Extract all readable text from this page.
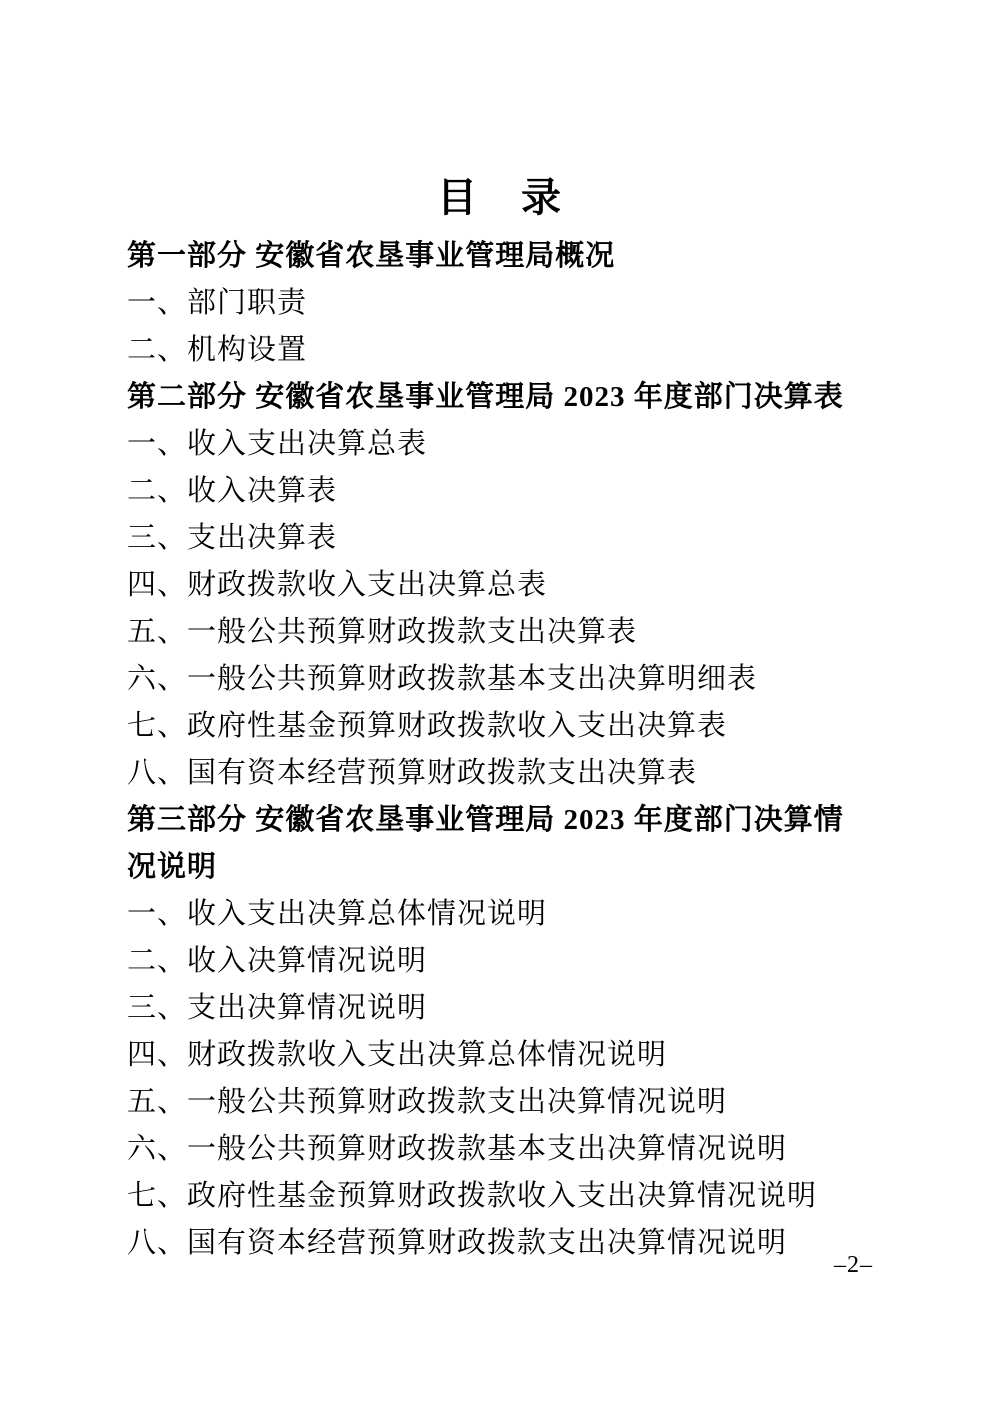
目　录

第一部分 安徽省农垦事业管理局概况

一、部门职责

二、机构设置

第二部分 安徽省农垦事业管理局 2023 年度部门决算表

一、收入支出决算总表

二、收入决算表

三、支出决算表

四、财政拨款收入支出决算总表

五、一般公共预算财政拨款支出决算表

六、一般公共预算财政拨款基本支出决算明细表

七、政府性基金预算财政拨款收入支出决算表

八、国有资本经营预算财政拨款支出决算表

第三部分 安徽省农垦事业管理局 2023 年度部门决算情

况说明

一、收入支出决算总体情况说明

二、收入决算情况说明

三、支出决算情况说明

四、财政拨款收入支出决算总体情况说明

五、一般公共预算财政拨款支出决算情况说明

六、一般公共预算财政拨款基本支出决算情况说明

七、政府性基金预算财政拨款收入支出决算情况说明

八、国有资本经营预算财政拨款支出决算情况说明

–2–
